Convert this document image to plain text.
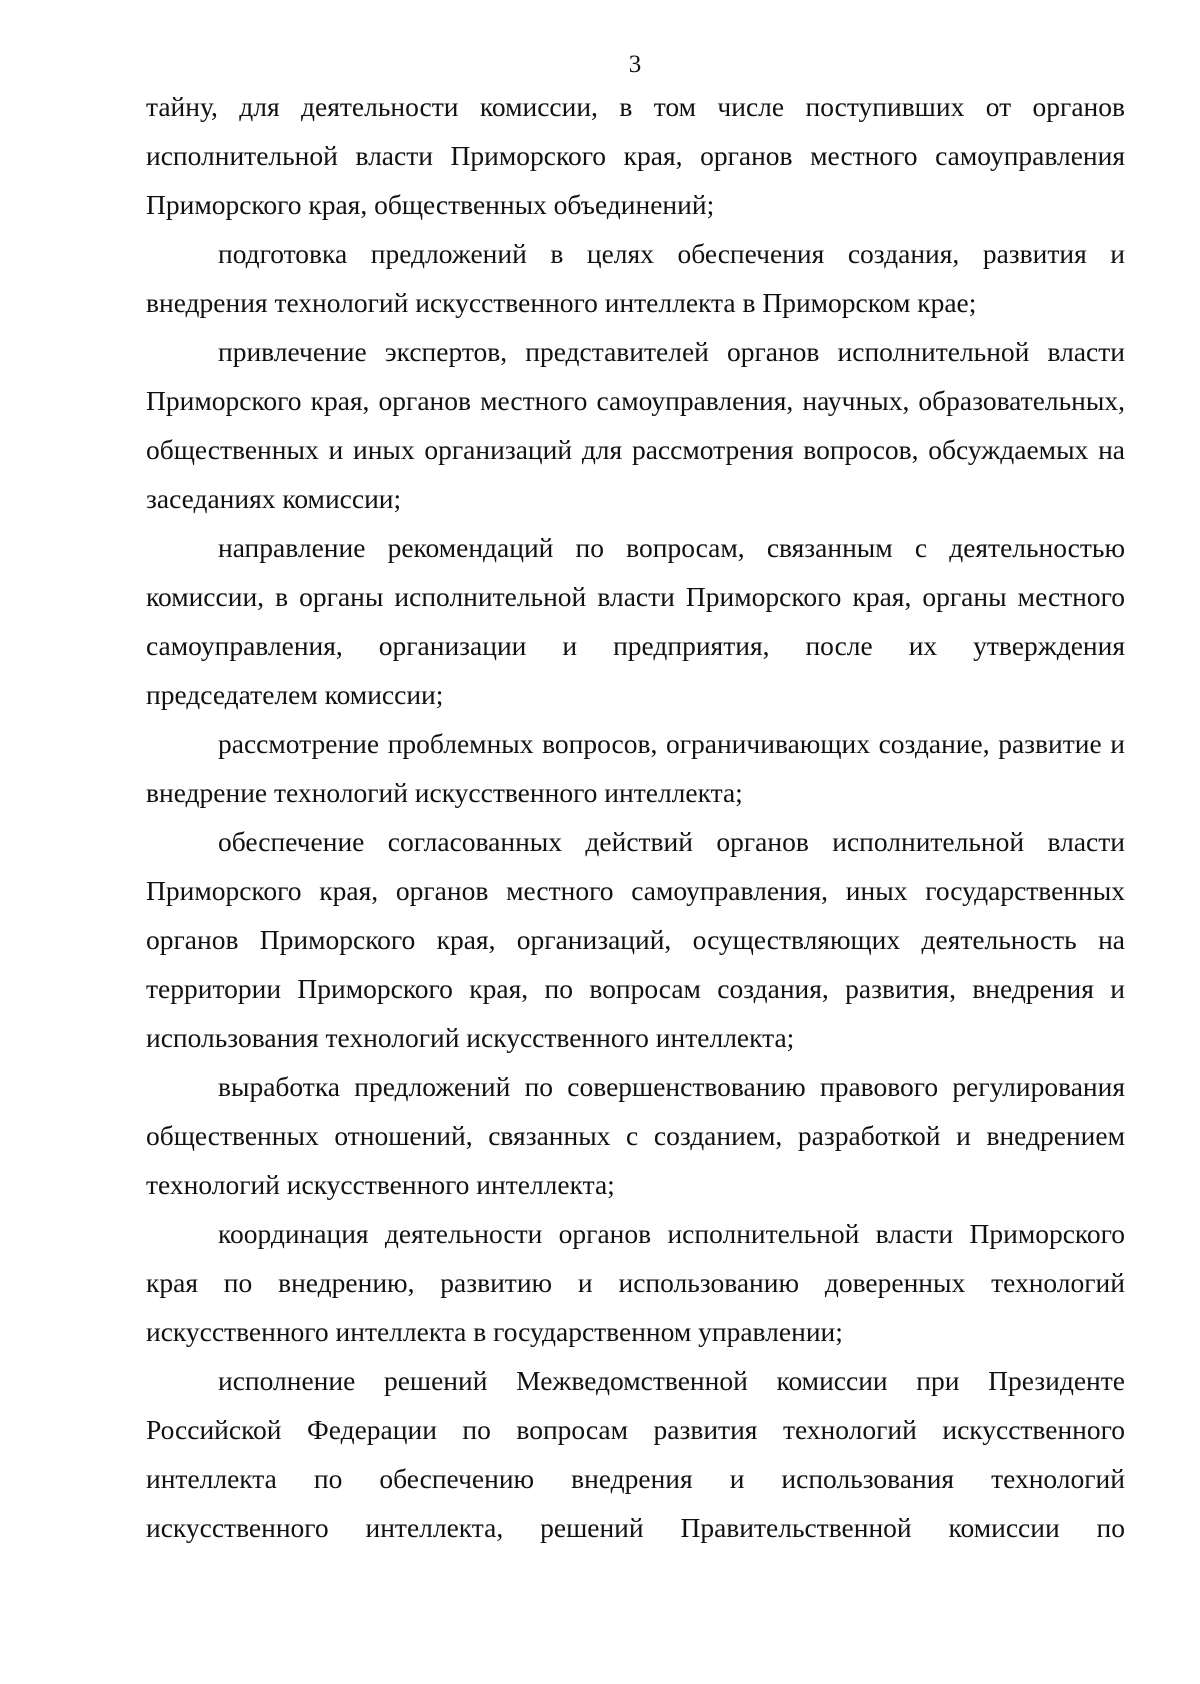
3

тайну, для деятельности комиссии, в том числе поступивших от органов исполнительной власти Приморского края, органов местного самоуправления Приморского края, общественных объединений;

подготовка предложений в целях обеспечения создания, развития и внедрения технологий искусственного интеллекта в Приморском крае;

привлечение экспертов, представителей органов исполнительной власти Приморского края, органов местного самоуправления, научных, образовательных, общественных и иных организаций для рассмотрения вопросов, обсуждаемых на заседаниях комиссии;

направление рекомендаций по вопросам, связанным с деятельностью комиссии, в органы исполнительной власти Приморского края, органы местного самоуправления, организации и предприятия, после их утверждения председателем комиссии;

рассмотрение проблемных вопросов, ограничивающих создание, развитие и внедрение технологий искусственного интеллекта;

обеспечение согласованных действий органов исполнительной власти Приморского края, органов местного самоуправления, иных государственных органов Приморского края, организаций, осуществляющих деятельность на территории Приморского края, по вопросам создания, развития, внедрения и использования технологий искусственного интеллекта;

выработка предложений по совершенствованию правового регулирования общественных отношений, связанных с созданием, разработкой и внедрением технологий искусственного интеллекта;

координация деятельности органов исполнительной власти Приморского края по внедрению, развитию и использованию доверенных технологий искусственного интеллекта в государственном управлении;

исполнение решений Межведомственной комиссии при Президенте Российской Федерации по вопросам развития технологий искусственного интеллекта по обеспечению внедрения и использования технологий искусственного интеллекта, решений Правительственной комиссии по
